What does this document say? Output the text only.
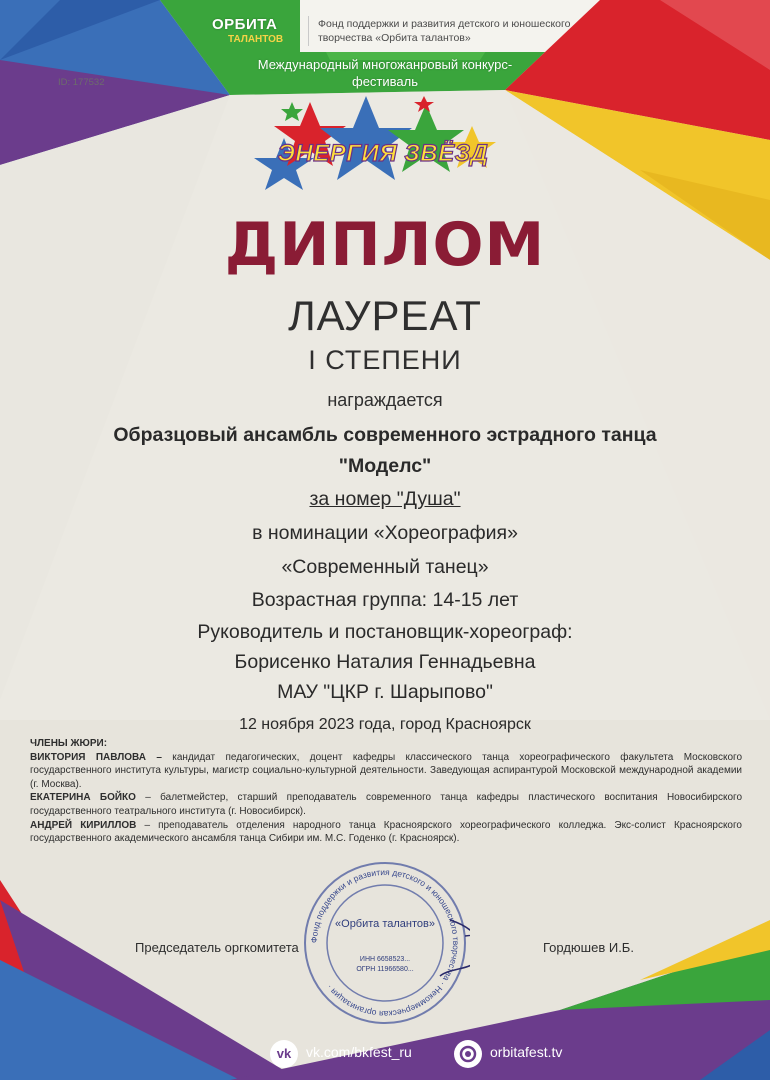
ОРБИТА
ТАЛАНТОВ
Фонд поддержки и развития детского и юношеского творчества «Орбита талантов»
Международный многожанровый конкурс-фестиваль
ID: 177532
ЭНЕРГИЯ ЗВЁЗД
ДИПЛОМ
ЛАУРЕАТ
I СТЕПЕНИ
награждается
Образцовый ансамбль современного эстрадного танца
"Моделс"
за номер "Душа"
в номинации «Хореография»
«Современный танец»
Возрастная группа: 14-15 лет
Руководитель и постановщик-хореограф:
Борисенко Наталия Геннадьевна
МАУ "ЦКР г. Шарыпово"
12 ноября 2023 года, город Красноярск

ЧЛЕНЫ ЖЮРИ:

ВИКТОРИЯ ПАВЛОВА – кандидат педагогических, доцент кафедры классического танца хореографического факультета Московского государственного института культуры, магистр социально-культурной деятельности. Заведующая аспирантурой Московской международной академии (г. Москва).

ЕКАТЕРИНА БОЙКО – балетмейстер, старший преподаватель современного танца кафедры пластического воспитания Новосибирского государственного театрального института (г. Новосибирск).

АНДРЕЙ КИРИЛЛОВ – преподаватель отделения народного танца Красноярского хореографического колледжа. Экс-солист Красноярского государственного академического ансамбля танца Сибири им. М.С. Годенко (г. Красноярск).

Фонд поддержки и развития детского и юношеского творчества · Некоммерческая организация ·
«Орбита талантов»
ИНН 6658523...
ОГРН 11966580...
Председатель оргкомитета	Гордюшев И.Б.
vk	vk.com/bkfest_ru	orbitafest.tv
